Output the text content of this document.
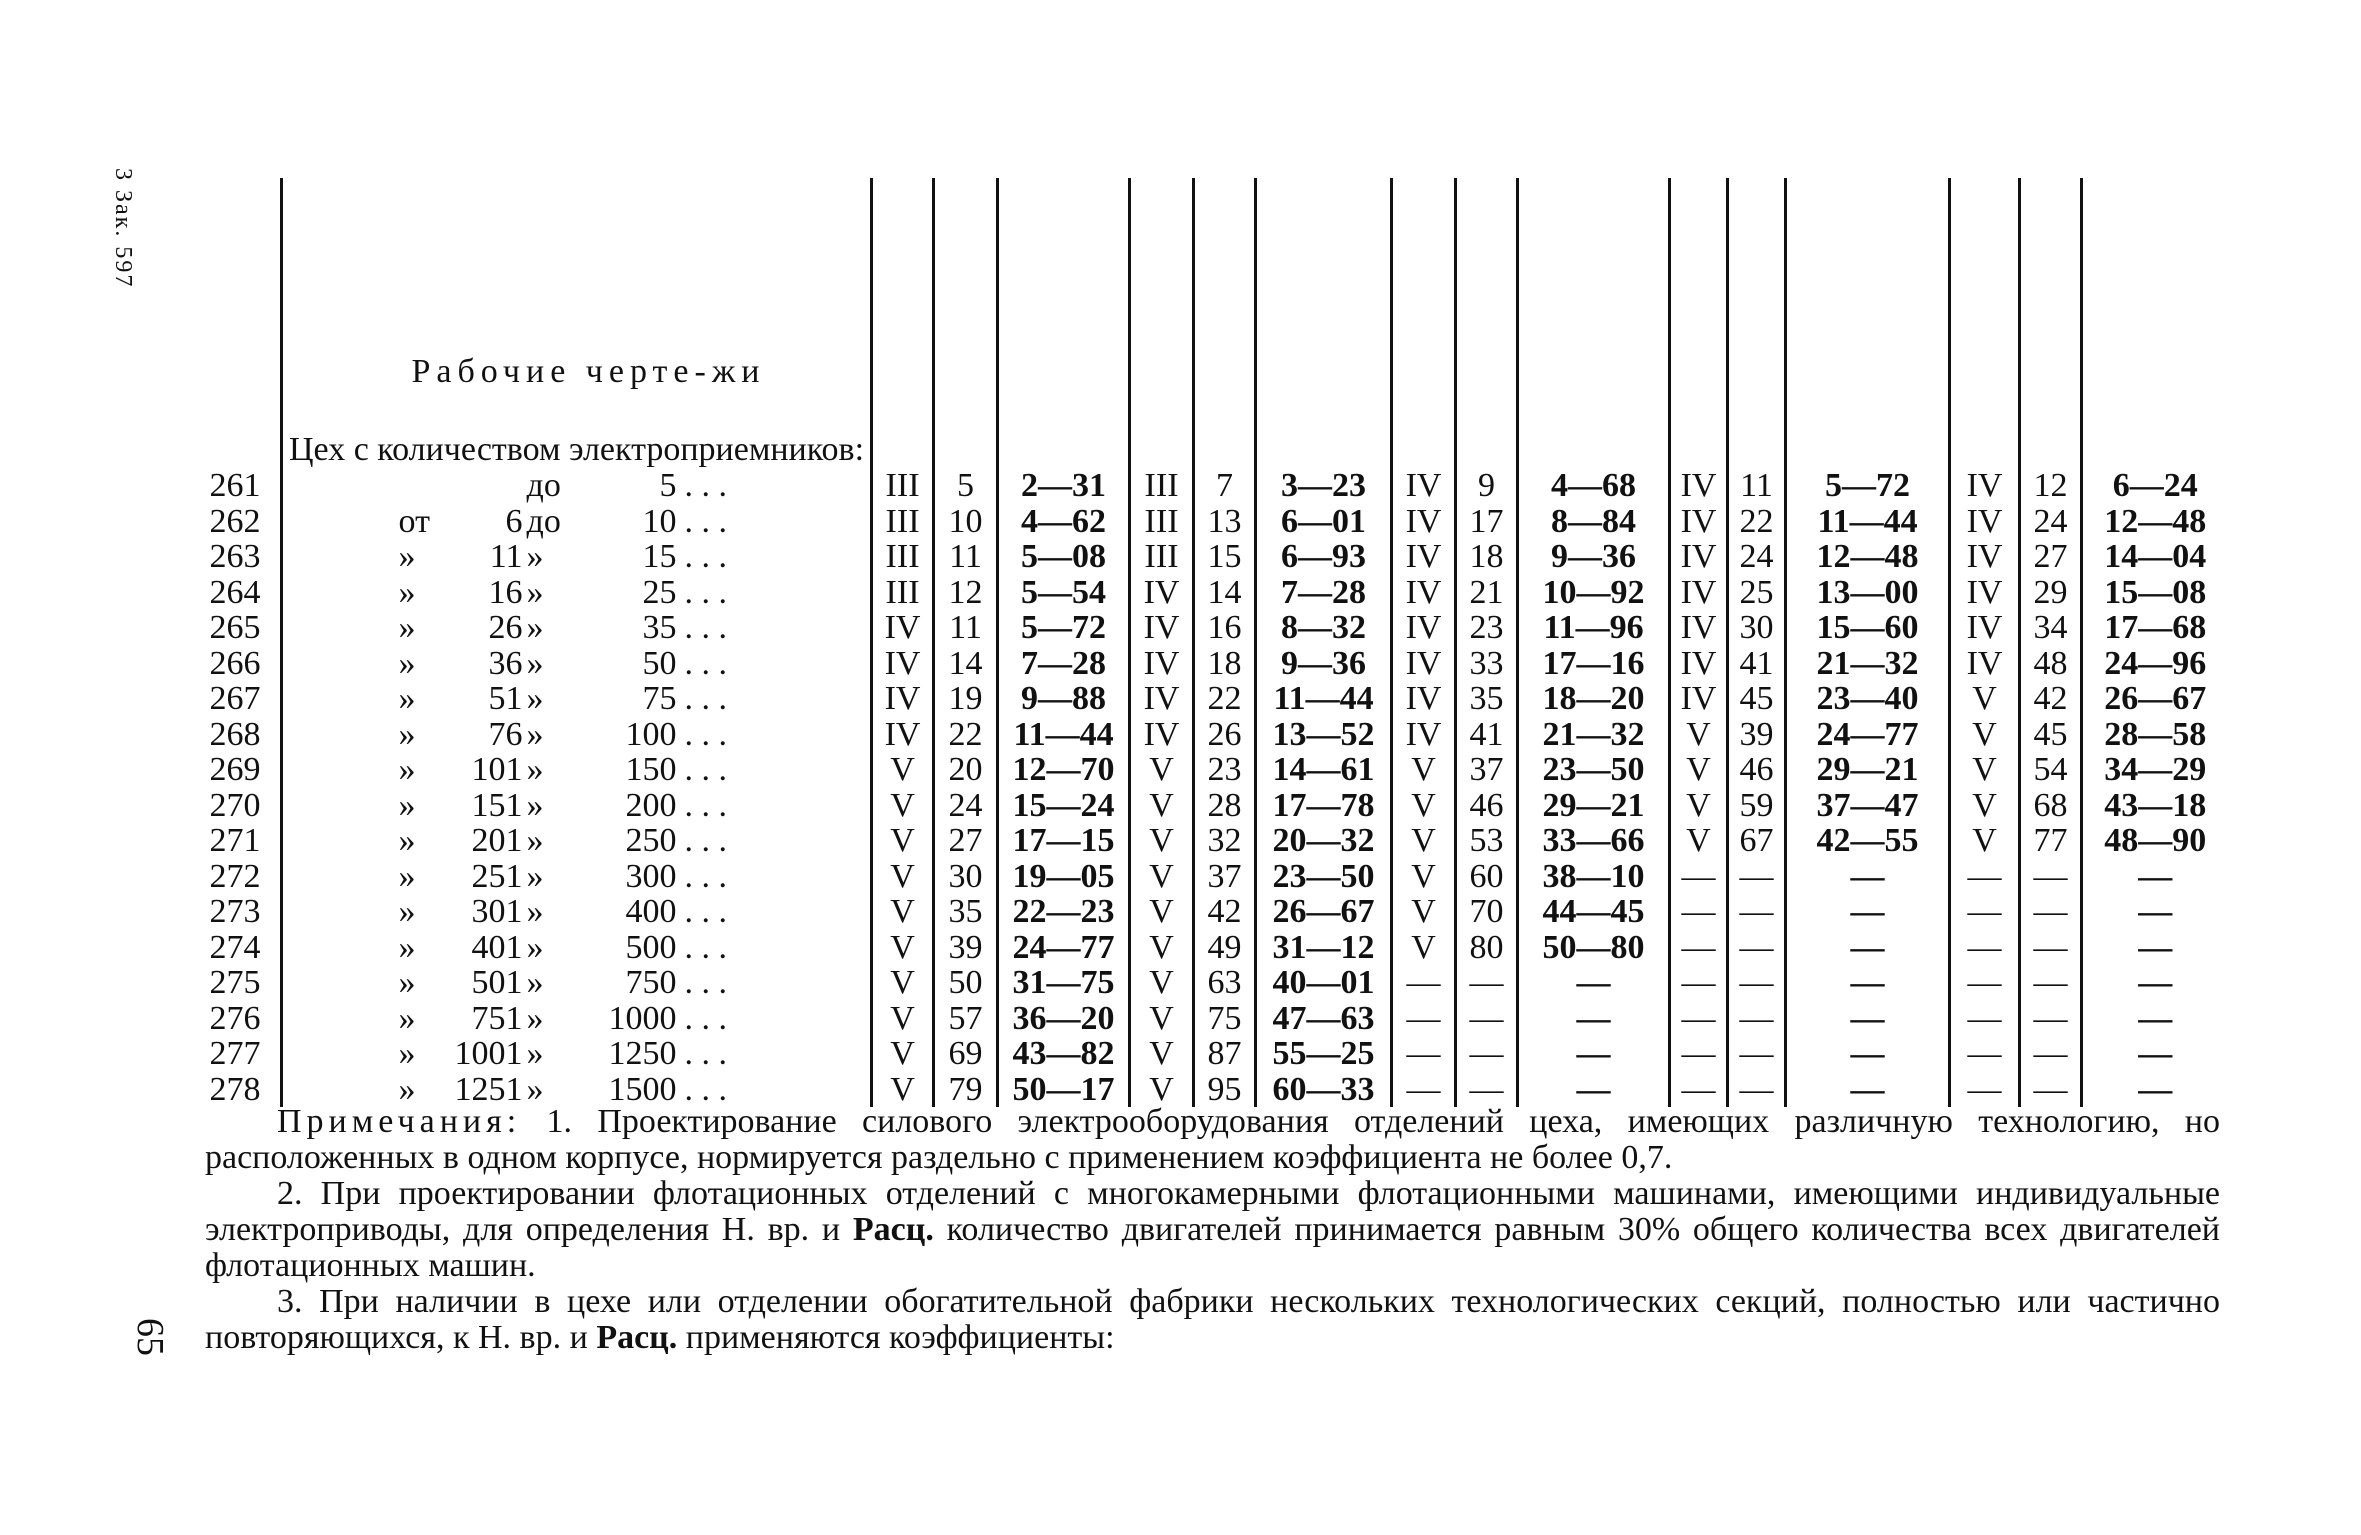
3 Зак. 597
65

	Рабочие черте-жи
Цех с количеством электроприемников:															

261	до 5 . . .	III	5	2—31	III	7	3—23	IV	9	4—68	IV	11	5—72	IV	12	6—24
262	от 6 до 10 . . .	III	10	4—62	III	13	6—01	IV	17	8—84	IV	22	11—44	IV	24	12—48
263	» 11 » 15 . . .	III	11	5—08	III	15	6—93	IV	18	9—36	IV	24	12—48	IV	27	14—04
264	» 16 » 25 . . .	III	12	5—54	IV	14	7—28	IV	21	10—92	IV	25	13—00	IV	29	15—08
265	» 26 » 35 . . .	IV	11	5—72	IV	16	8—32	IV	23	11—96	IV	30	15—60	IV	34	17—68
266	» 36 » 50 . . .	IV	14	7—28	IV	18	9—36	IV	33	17—16	IV	41	21—32	IV	48	24—96
267	» 51 » 75 . . .	IV	19	9—88	IV	22	11—44	IV	35	18—20	IV	45	23—40	V	42	26—67
268	» 76 » 100 . . .	IV	22	11—44	IV	26	13—52	IV	41	21—32	V	39	24—77	V	45	28—58
269	» 101 » 150 . . .	V	20	12—70	V	23	14—61	V	37	23—50	V	46	29—21	V	54	34—29
270	» 151 » 200 . . .	V	24	15—24	V	28	17—78	V	46	29—21	V	59	37—47	V	68	43—18
271	» 201 » 250 . . .	V	27	17—15	V	32	20—32	V	53	33—66	V	67	42—55	V	77	48—90
272	» 251 » 300 . . .	V	30	19—05	V	37	23—50	V	60	38—10	—	—	—	—	—	—
273	» 301 » 400 . . .	V	35	22—23	V	42	26—67	V	70	44—45	—	—	—	—	—	—
274	» 401 » 500 . . .	V	39	24—77	V	49	31—12	V	80	50—80	—	—	—	—	—	—
275	» 501 » 750 . . .	V	50	31—75	V	63	40—01	—	—	—	—	—	—	—	—	—
276	» 751 » 1000 . . .	V	57	36—20	V	75	47—63	—	—	—	—	—	—	—	—	—
277	» 1001 » 1250 . . .	V	69	43—82	V	87	55—25	—	—	—	—	—	—	—	—	—
278	» 1251 » 1500 . . .	V	79	50—17	V	95	60—33	—	—	—	—	—	—	—	—	—

Примечания: 1. Проектирование силового электрооборудования отделений цеха, имеющих различную технологию, но расположенных в одном корпусе, нормируется раздельно с применением коэффициента не более 0,7.

2. При проектировании флотационных отделений с многокамерными флотационными машинами, имеющими индивидуальные электроприводы, для определения Н. вр. и Расц. количество двигателей принимается равным 30% общего количества всех двигателей флотационных машин.

3. При наличии в цехе или отделении обогатительной фабрики нескольких технологических секций, полностью или частично повторяющихся, к Н. вр. и Расц. применяются коэффициенты:
